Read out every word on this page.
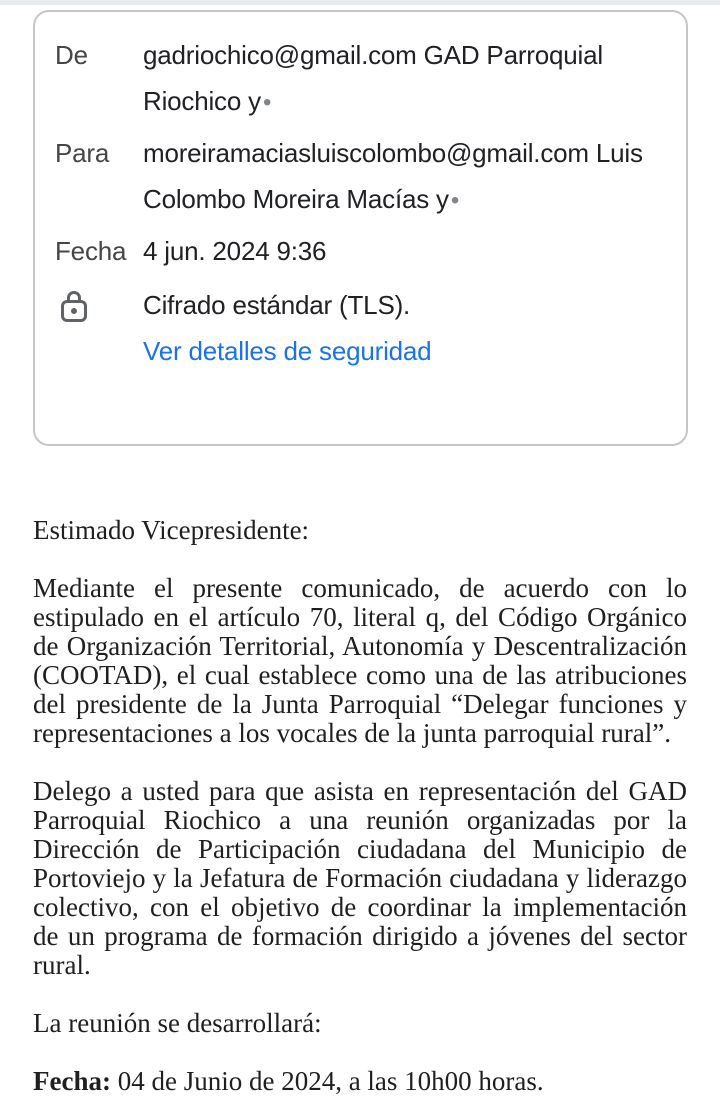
De	gadriochico@gmail.com GAD Parroquial Riochico y•
Para	moreiramaciasluiscolombo@gmail.com Luis Colombo Moreira Macías y•
Fecha 4 jun. 2024 9:36
Cifrado estándar (TLS).
Ver detalles de seguridad

Estimado Vicepresidente:

Mediante el presente comunicado, de acuerdo con lo estipulado en el artículo 70, literal q, del Código Orgánico de Organización Territorial, Autonomía y Descentralización (COOTAD), el cual establece como una de las atribuciones del presidente de la Junta Parroquial “Delegar funciones y representaciones a los vocales de la junta parroquial rural”.

Delego a usted para que asista en representación del GAD Parroquial Riochico a una reunión organizadas por la Dirección de Participación ciudadana del Municipio de Portoviejo y la Jefatura de Formación ciudadana y liderazgo colectivo, con el objetivo de coordinar la implementación de un programa de formación dirigido a jóvenes del sector rural.

La reunión se desarrollará:

Fecha: 04 de Junio de 2024, a las 10h00 horas.
